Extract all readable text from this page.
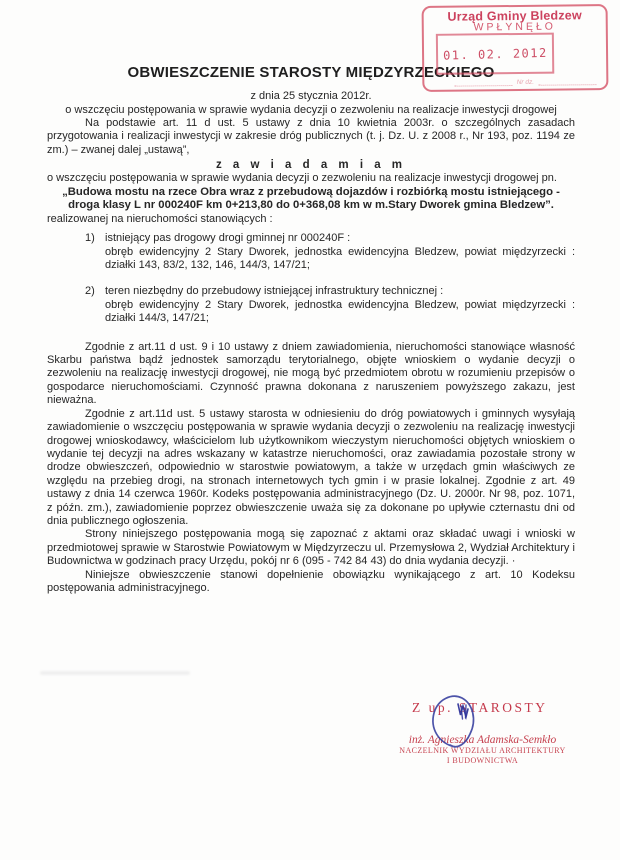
Urząd Gminy Bledzew
WPŁYNĘŁO
01. 02. 2012
Nr dz.
OBWIESZCZENIE STAROSTY MIĘDZYRZECKIEGO
z dnia 25 stycznia 2012r.
o wszczęciu postępowania w sprawie wydania decyzji o zezwoleniu na realizacje inwestycji drogowej

Na podstawie art. 11 d ust. 5 ustawy z dnia 10 kwietnia 2003r. o szczególnych zasadach przygotowania i realizacji inwestycji w zakresie dróg publicznych (t. j. Dz. U. z 2008 r., Nr 193, poz. 1194 ze zm.) – zwanej dalej „ustawą”,

z a w i a d a m i a m

o wszczęciu postępowania w sprawie wydania decyzji o zezwoleniu na realizacje inwestycji drogowej pn.

„Budowa mostu na rzece Obra wraz z przebudową dojazdów i rozbiórką mostu istniejącego -
droga klasy L nr 000240F km 0+213,80 do 0+368,08 km w m.Stary Dworek gmina Bledzew”.

realizowanej na nieruchomości stanowiących :

1) istniejący pas drogowy drogi gminnej nr 000240F :
obręb ewidencyjny 2 Stary Dworek, jednostka ewidencyjna Bledzew, powiat międzyrzecki : działki 143, 83/2, 132, 146, 144/3, 147/21;
2) teren niezbędny do przebudowy istniejącej infrastruktury technicznej :
obręb ewidencyjny 2 Stary Dworek, jednostka ewidencyjna Bledzew, powiat międzyrzecki : działki 144/3, 147/21;

Zgodnie z art.11 d ust. 9 i 10 ustawy z dniem zawiadomienia, nieruchomości stanowiące własność Skarbu państwa bądź jednostek samorządu terytorialnego, objęte wnioskiem o wydanie decyzji o zezwoleniu na realizację inwestycji drogowej, nie mogą być przedmiotem obrotu w rozumieniu przepisów o gospodarce nieruchomościami. Czynność prawna dokonana z naruszeniem powyższego zakazu, jest nieważna.

Zgodnie z art.11d ust. 5 ustawy starosta w odniesieniu do dróg powiatowych i gminnych wysyłają zawiadomienie o wszczęciu postępowania w sprawie wydania decyzji o zezwoleniu na realizację inwestycji drogowej wnioskodawcy, właścicielom lub użytkownikom wieczystym nieruchomości objętych wnioskiem o wydanie tej decyzji na adres wskazany w katastrze nieruchomości, oraz zawiadamia pozostałe strony w drodze obwieszczeń, odpowiednio w starostwie powiatowym, a także w urzędach gmin właściwych ze względu na przebieg drogi, na stronach internetowych tych gmin i w prasie lokalnej. Zgodnie z art. 49 ustawy z dnia 14 czerwca 1960r. Kodeks postępowania administracyjnego (Dz. U. 2000r. Nr 98, poz. 1071, z późn. zm.), zawiadomienie poprzez obwieszczenie uważa się za dokonane po upływie czternastu dni od dnia publicznego ogłoszenia.

Strony niniejszego postępowania mogą się zapoznać z aktami oraz składać uwagi i wnioski w przedmiotowej sprawie w Starostwie Powiatowym w Międzyrzeczu ul. Przemysłowa 2, Wydział Architektury i Budownictwa w godzinach pracy Urzędu, pokój nr 6 (095 - 742 84 43) do dnia wydania decyzji. ·

Niniejsze obwieszczenie stanowi dopełnienie obowiązku wynikającego z art. 10 Kodeksu postępowania administracyjnego.

Z up. STAROSTY
inż. Agnieszka Adamska-Semkło
NACZELNIK WYDZIAŁU ARCHITEKTURY
I BUDOWNICTWA
